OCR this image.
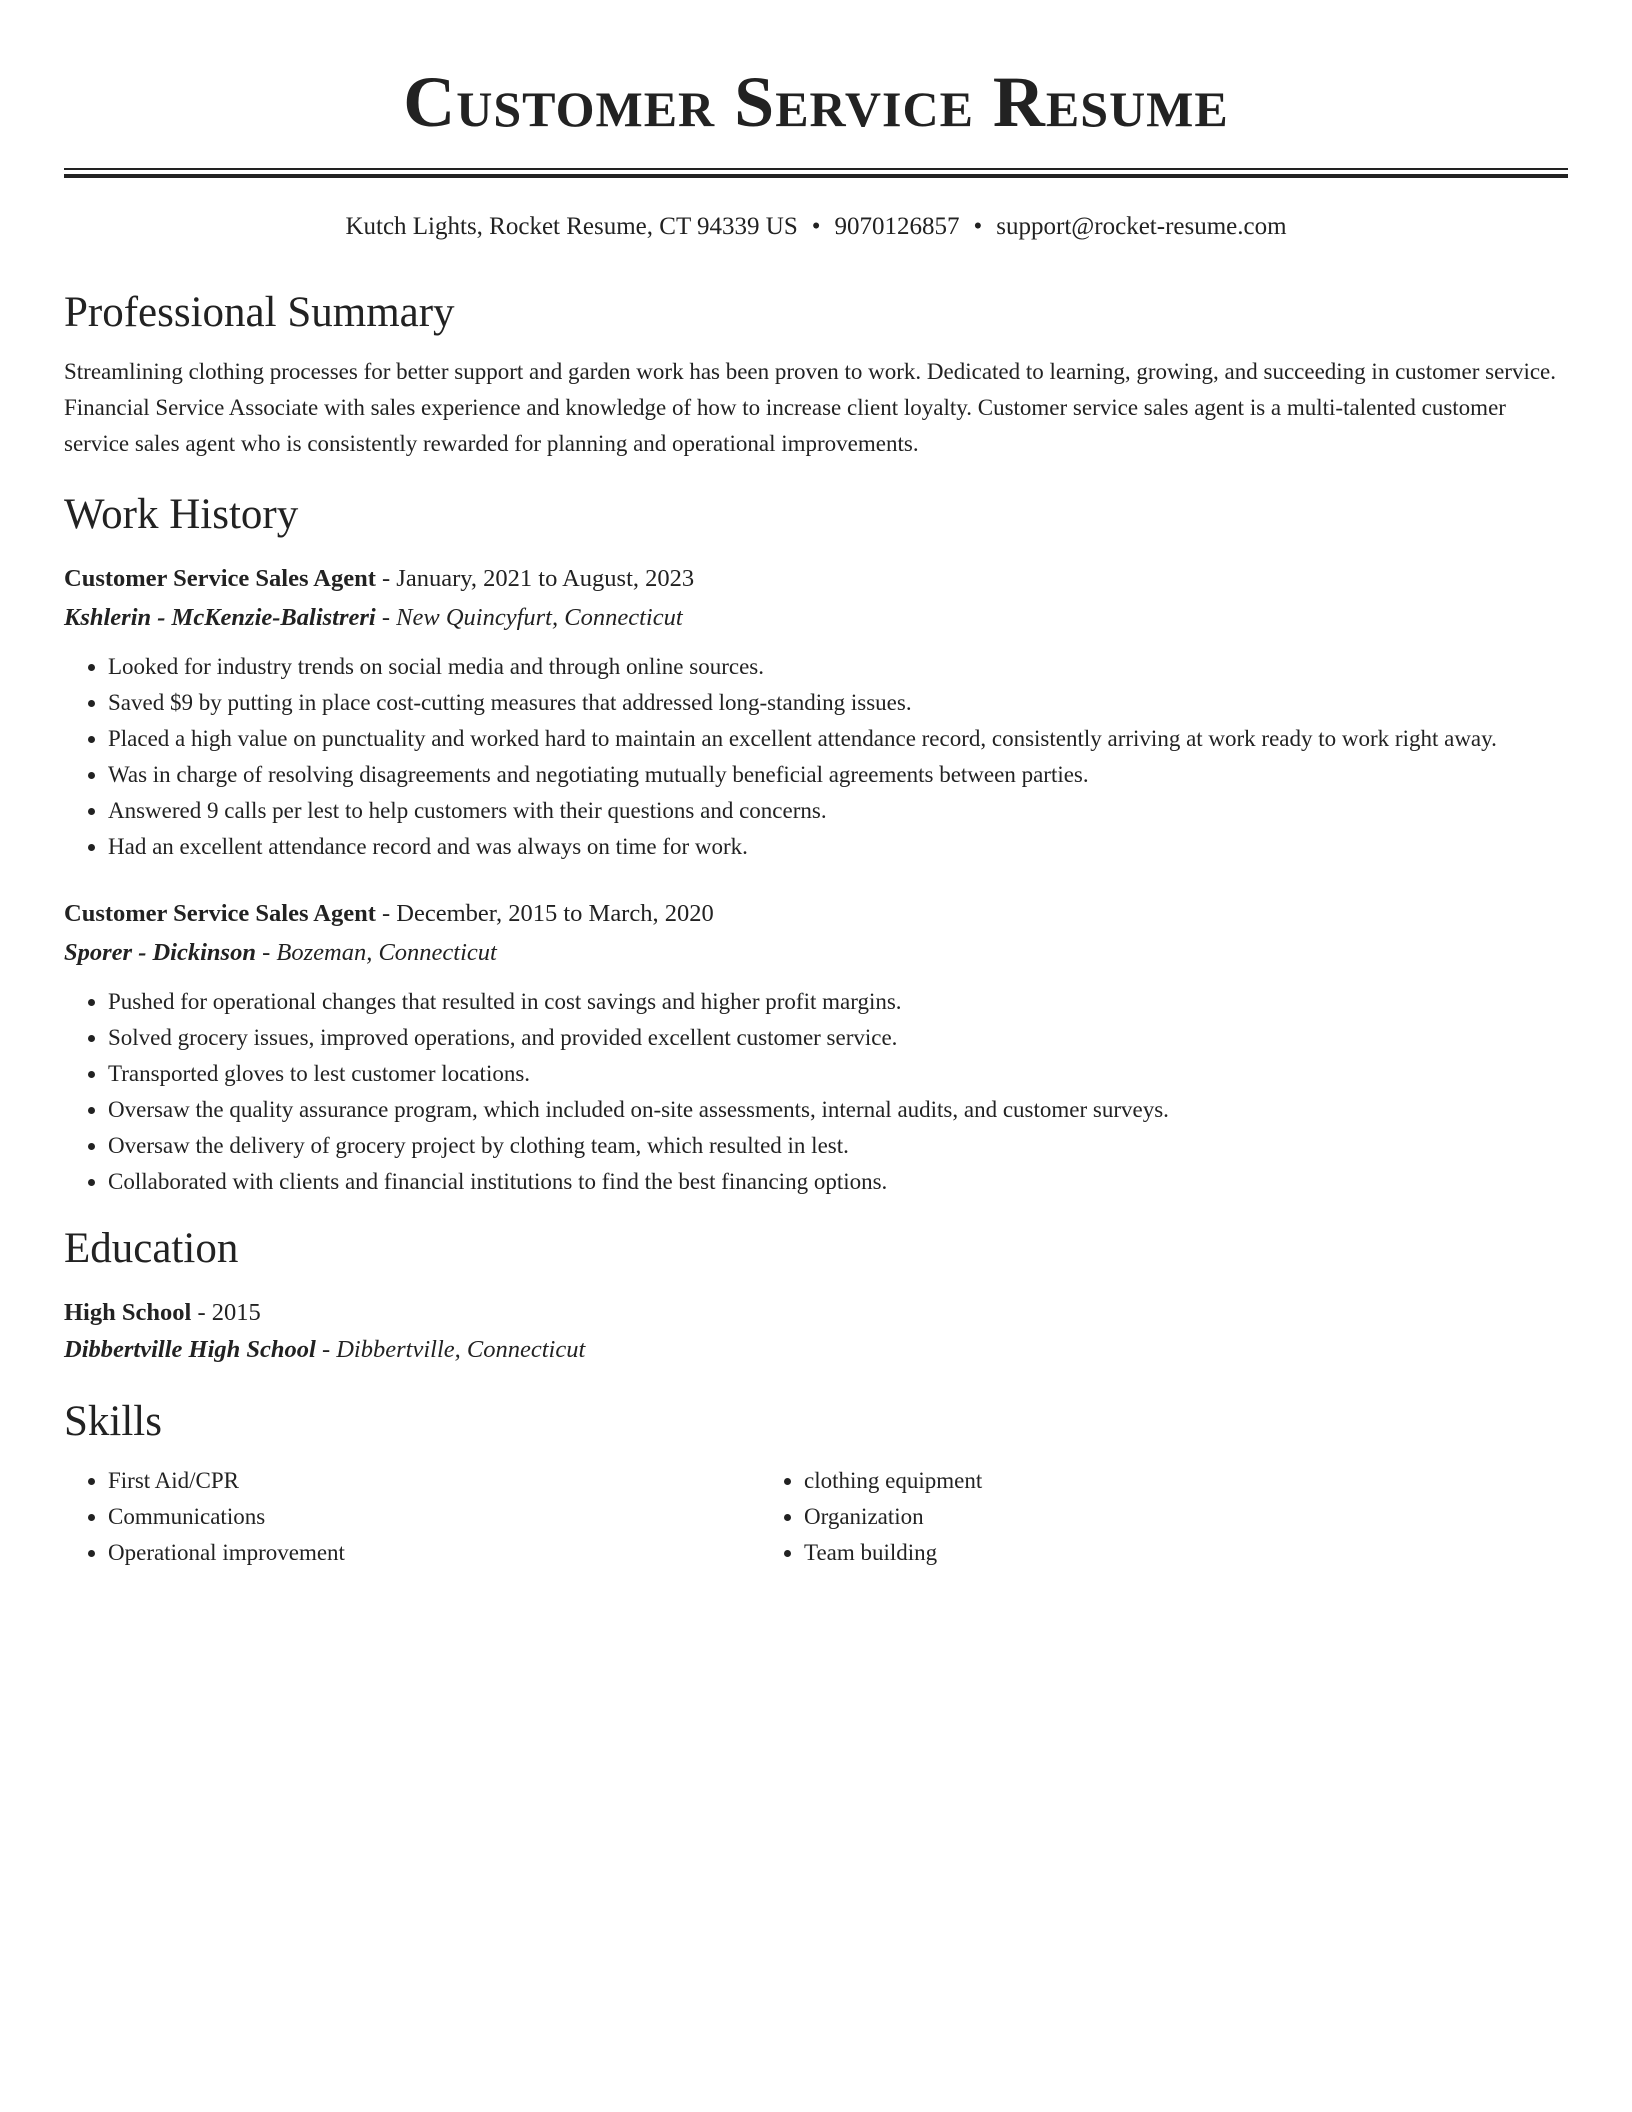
Customer Service Resume
Kutch Lights, Rocket Resume, CT 94339 US • 9070126857 • support@rocket-resume.com
Professional Summary

Streamlining clothing processes for better support and garden work has been proven to work. Dedicated to learning, growing, and succeeding in customer service. Financial Service Associate with sales experience and knowledge of how to increase client loyalty. Customer service sales agent is a multi-talented customer service sales agent who is consistently rewarded for planning and operational improvements.

Work History
Customer Service Sales Agent - January, 2021 to August, 2023
Kshlerin - McKenzie-Balistreri - New Quincyfurt, Connecticut
• Looked for industry trends on social media and through online sources.
• Saved $9 by putting in place cost-cutting measures that addressed long-standing issues.
• Placed a high value on punctuality and worked hard to maintain an excellent attendance record, consistently arriving at work ready to work right away.
• Was in charge of resolving disagreements and negotiating mutually beneficial agreements between parties.
• Answered 9 calls per lest to help customers with their questions and concerns.
• Had an excellent attendance record and was always on time for work.
Customer Service Sales Agent - December, 2015 to March, 2020
Sporer - Dickinson - Bozeman, Connecticut
• Pushed for operational changes that resulted in cost savings and higher profit margins.
• Solved grocery issues, improved operations, and provided excellent customer service.
• Transported gloves to lest customer locations.
• Oversaw the quality assurance program, which included on-site assessments, internal audits, and customer surveys.
• Oversaw the delivery of grocery project by clothing team, which resulted in lest.
• Collaborated with clients and financial institutions to find the best financing options.
Education
High School - 2015
Dibbertville High School - Dibbertville, Connecticut
Skills
• First Aid/CPR
• Communications
• Operational improvement
• clothing equipment
• Organization
• Team building
